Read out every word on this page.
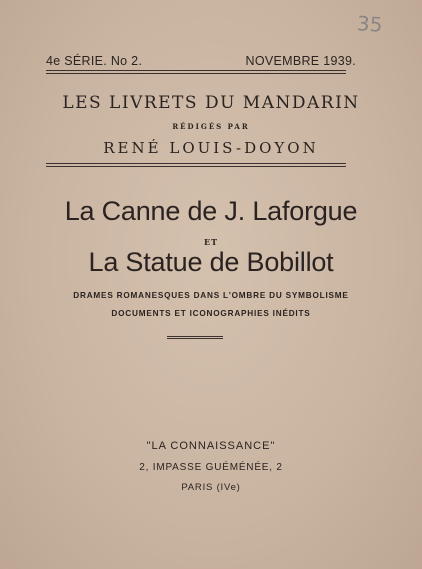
35
4e SÉRIE. No 2.	NOVEMBRE 1939.
LES LIVRETS DU MANDARIN
RÉDIGÉS PAR
RENÉ LOUIS-DOYON
La Canne de J. Laforgue
ET
La Statue de Bobillot
DRAMES ROMANESQUES DANS L'OMBRE DU SYMBOLISME
DOCUMENTS ET ICONOGRAPHIES INÉDITS
"LA CONNAISSANCE"
2, IMPASSE GUÉMÉNÉE, 2
PARIS (IVe)
